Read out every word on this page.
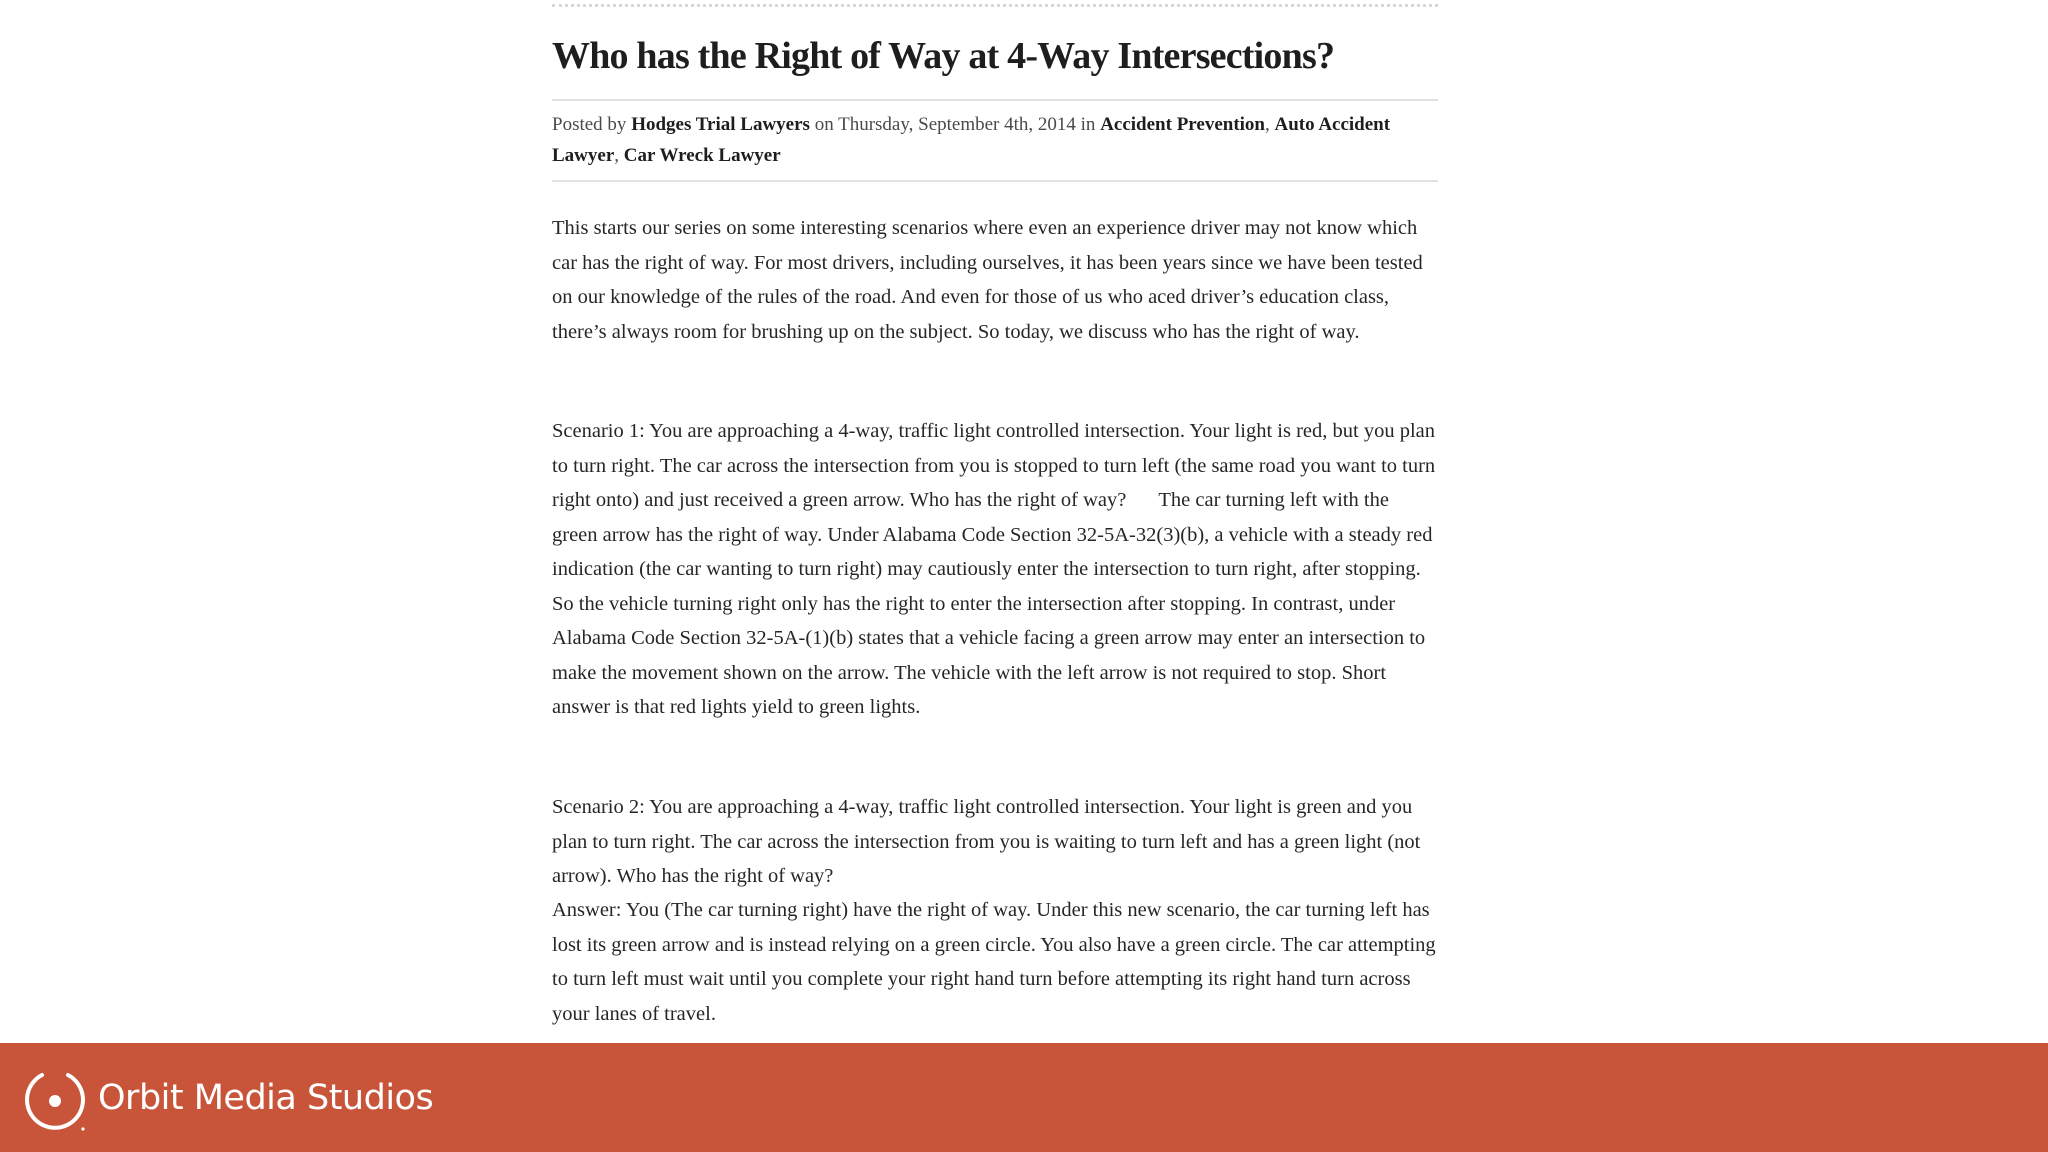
Who has the Right of Way at 4-Way Intersections?
Posted by Hodges Trial Lawyers on Thursday, September 4th, 2014 in Accident Prevention, Auto Accident Lawyer, Car Wreck Lawyer

This starts our series on some interesting scenarios where even an experience driver may not know which car has the right of way. For most drivers, including ourselves, it has been years since we have been tested on our knowledge of the rules of the road. And even for those of us who aced driver’s education class, there’s always room for brushing up on the subject. So today, we discuss who has the right of way.

Scenario 1: You are approaching a 4-way, traffic light controlled intersection. Your light is red, but you plan to turn right. The car across the intersection from you is stopped to turn left (the same road you want to turn right onto) and just received a green arrow. Who has the right of way? The car turning left with the green arrow has the right of way. Under Alabama Code Section 32-5A-32(3)(b), a vehicle with a steady red indication (the car wanting to turn right) may cautiously enter the intersection to turn right, after stopping. So the vehicle turning right only has the right to enter the intersection after stopping. In contrast, under Alabama Code Section 32-5A-(1)(b) states that a vehicle facing a green arrow may enter an intersection to make the movement shown on the arrow. The vehicle with the left arrow is not required to stop. Short answer is that red lights yield to green lights.

Scenario 2: You are approaching a 4-way, traffic light controlled intersection. Your light is green and you plan to turn right. The car across the intersection from you is waiting to turn left and has a green light (not arrow). Who has the right of way?

Answer: You (The car turning right) have the right of way. Under this new scenario, the car turning left has lost its green arrow and is instead relying on a green circle. You also have a green circle. The car attempting to turn left must wait until you complete your right hand turn before attempting its right hand turn across your lanes of travel.

Orbit Media Studios
